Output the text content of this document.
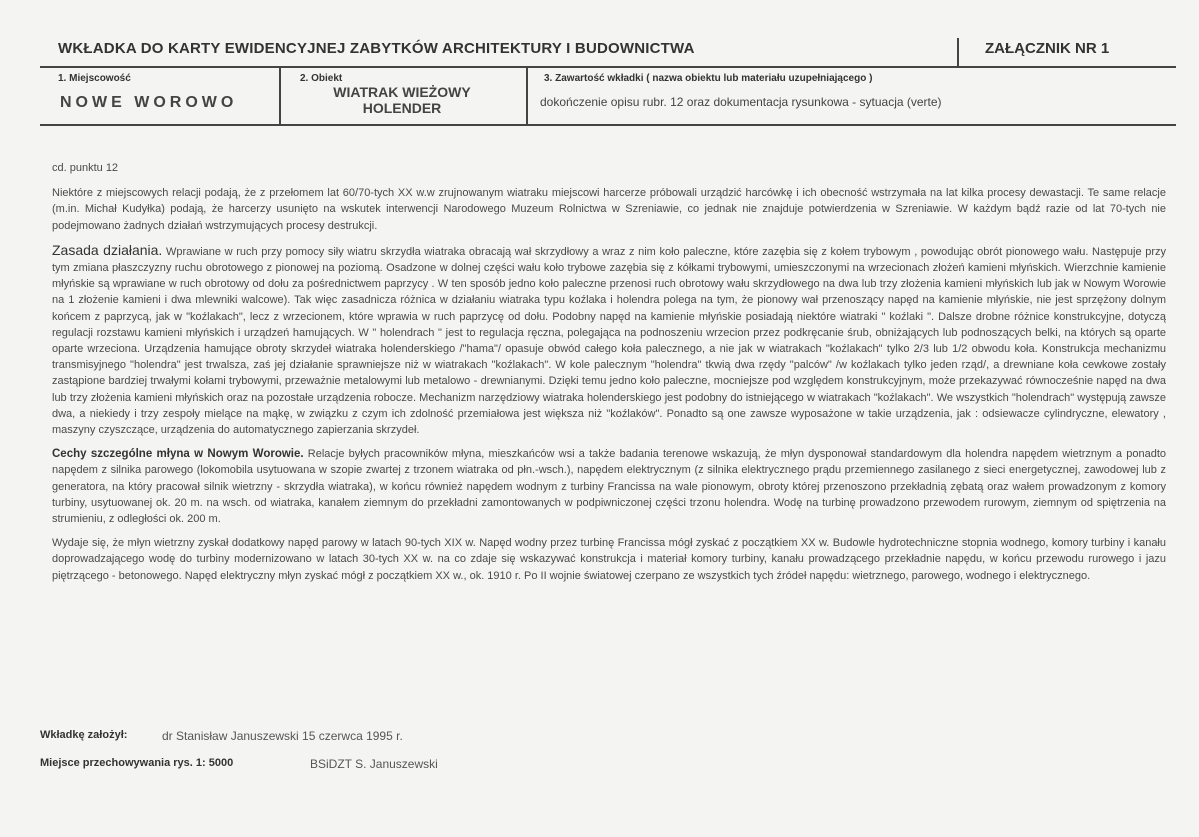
WKŁADKA DO KARTY EWIDENCYJNEJ ZABYTKÓW ARCHITEKTURY I BUDOWNICTWA	ZAŁĄCZNIK NR 1
1. Miejscowość
NOWE WOROWO
2. Obiekt
WIATRAK WIEŻOWY
HOLENDER
3. Zawartość wkładki ( nazwa obiektu lub materiału uzupełniającego )
dokończenie opisu rubr. 12 oraz dokumentacja rysunkowa - sytuacja (verte)

cd. punktu 12

Niektóre z miejscowych relacji podają, że z przełomem lat 60/70-tych XX w.w zrujnowanym wiatraku miejscowi harcerze próbowali urządzić harcówkę i ich obecność wstrzymała na lat kilka procesy dewastacji. Te same relacje (m.in. Michał Kudyłka) podają, że harcerzy usunięto na wskutek interwencji Narodowego Muzeum Rolnictwa w Szreniawie, co jednak nie znajduje potwierdzenia w Szreniawie. W każdym bądź razie od lat 70-tych nie podejmowano żadnych działań wstrzymujących procesy destrukcji.

Zasada działania. Wprawiane w ruch przy pomocy siły wiatru skrzydła wiatraka obracają wał skrzydłowy a wraz z nim koło paleczne, które zazębia się z kołem trybowym , powodując obrót pionowego wału. Następuje przy tym zmiana płaszczyzny ruchu obrotowego z pionowej na poziomą. Osadzone w dolnej części wału koło trybowe zazębia się z kółkami trybowymi, umieszczonymi na wrzecionach złożeń kamieni młyńskich. Wierzchnie kamienie młyńskie są wprawiane w ruch obrotowy od dołu za pośrednictwem paprzycy . W ten sposób jedno koło paleczne przenosi ruch obrotowy wału skrzydłowego na dwa lub trzy złożenia kamieni młyńskich lub jak w Nowym Worowie na 1 złożenie kamieni i dwa mlewniki walcowe). Tak więc zasadnicza różnica w działaniu wiatraka typu koźlaka i holendra polega na tym, że pionowy wał przenoszący napęd na kamienie młyńskie, nie jest sprzężony dolnym końcem z paprzycą, jak w "koźlakach", lecz z wrzecionem, które wprawia w ruch paprzycę od dołu. Podobny napęd na kamienie młyńskie posiadają niektóre wiatraki " koźlaki ". Dalsze drobne różnice konstrukcyjne, dotyczą regulacji rozstawu kamieni młyńskich i urządzeń hamujących. W " holendrach " jest to regulacja ręczna, polegająca na podnoszeniu wrzecion przez podkręcanie śrub, obniżających lub podnoszących belki, na których są oparte oparte wrzeciona. Urządzenia hamujące obroty skrzydeł wiatraka holenderskiego /"hama"/ opasuje obwód całego koła palecznego, a nie jak w wiatrakach "koźlakach" tylko 2/3 lub 1/2 obwodu koła. Konstrukcja mechanizmu transmisyjnego "holendra" jest trwalsza, zaś jej działanie sprawniejsze niż w wiatrakach "koźlakach". W kole palecznym "holendra" tkwią dwa rzędy "palców" /w koźlakach tylko jeden rząd/, a drewniane koła cewkowe zostały zastąpione bardziej trwałymi kołami trybowymi, przeważnie metalowymi lub metalowo - drewnianymi. Dzięki temu jedno koło paleczne, mocniejsze pod względem konstrukcyjnym, może przekazywać równocześnie napęd na dwa lub trzy złożenia kamieni młyńskich oraz na pozostałe urządzenia robocze. Mechanizm narzędziowy wiatraka holenderskiego jest podobny do istniejącego w wiatrakach "koźlakach". We wszystkich "holendrach" występują zawsze dwa, a niekiedy i trzy zespoły mielące na mąkę, w związku z czym ich zdolność przemiałowa jest większa niż "koźlaków". Ponadto są one zawsze wyposażone w takie urządzenia, jak : odsiewacze cylindryczne, elewatory , maszyny czyszczące, urządzenia do automatycznego zapierzania skrzydeł.

Cechy szczególne młyna w Nowym Worowie. Relacje byłych pracowników młyna, mieszkańców wsi a także badania terenowe wskazują, że młyn dysponował standardowym dla holendra napędem wietrznym a ponadto napędem z silnika parowego (lokomobila usytuowana w szopie zwartej z trzonem wiatraka od płn.-wsch.), napędem elektrycznym (z silnika elektrycznego prądu przemiennego zasilanego z sieci energetycznej, zawodowej lub z generatora, na który pracował silnik wietrzny - skrzydła wiatraka), w końcu również napędem wodnym z turbiny Francissa na wale pionowym, obroty której przenoszono przekładnią zębatą oraz wałem prowadzonym z komory turbiny, usytuowanej ok. 20 m. na wsch. od wiatraka, kanałem ziemnym do przekładni zamontowanych w podpiwniczonej części trzonu holendra. Wodę na turbinę prowadzono przewodem rurowym, ziemnym od spiętrzenia na strumieniu, z odległości ok. 200 m.

Wydaje się, że młyn wietrzny zyskał dodatkowy napęd parowy w latach 90-tych XIX w. Napęd wodny przez turbinę Francissa mógł zyskać z początkiem XX w. Budowle hydrotechniczne stopnia wodnego, komory turbiny i kanału doprowadzającego wodę do turbiny modernizowano w latach 30-tych XX w. na co zdaje się wskazywać konstrukcja i materiał komory turbiny, kanału prowadzącego przekładnie napędu, w końcu przewodu rurowego i jazu piętrzącego - betonowego. Napęd elektryczny młyn zyskać mógł z początkiem XX w., ok. 1910 r. Po II wojnie światowej czerpano ze wszystkich tych źródeł napędu: wietrznego, parowego, wodnego i elektrycznego.

Wkładkę założył:	dr Stanisław Januszewski 15 czerwca 1995 r.
Miejsce przechowywania rys. 1: 5000	BSiDZT S. Januszewski
